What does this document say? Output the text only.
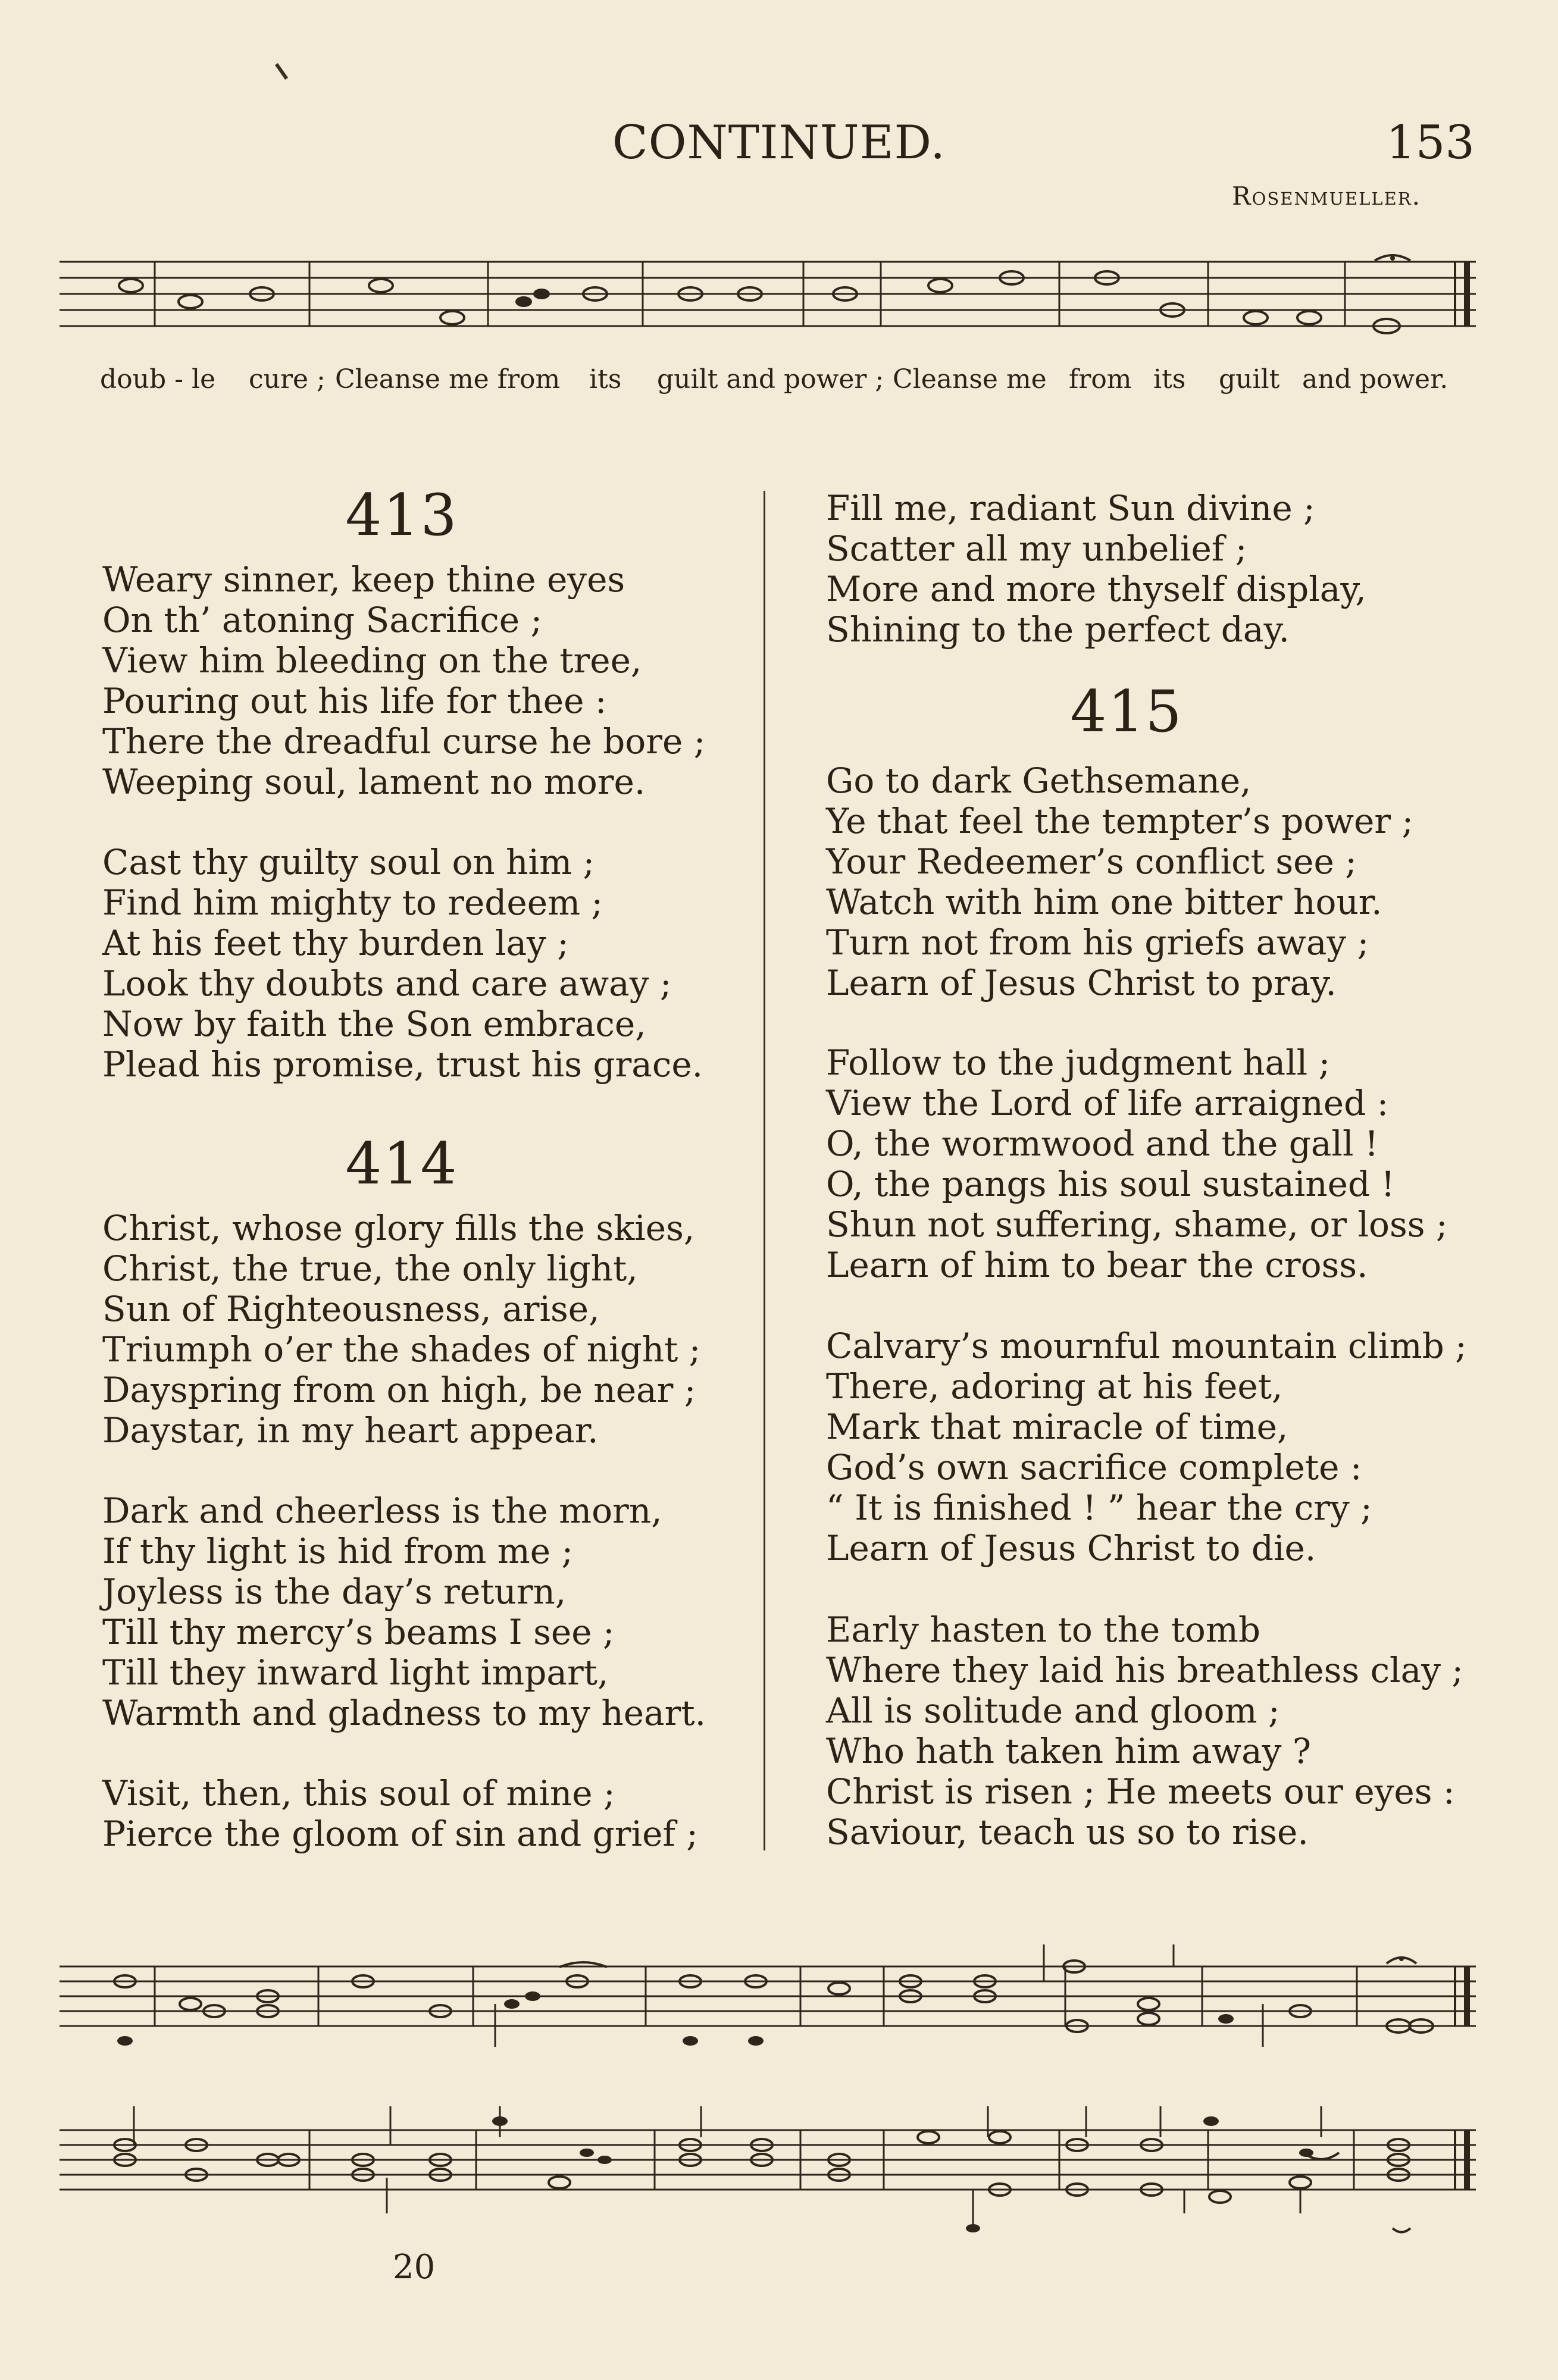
CONTINUED.	153
Rosenmueller.
doub - le cure ; Cleanse me from its guilt and power ; Cleanse me from its guilt and power.
413
Weary sinner, keep thine eyes
On th’ atoning Sacrifice ;
View him bleeding on the tree,
Pouring out his life for thee :
There the dreadful curse he bore ;
Weeping soul, lament no more.
Cast thy guilty soul on him ;
Find him mighty to redeem ;
At his feet thy burden lay ;
Look thy doubts and care away ;
Now by faith the Son embrace,
Plead his promise, trust his grace.
414
Christ, whose glory fills the skies,
Christ, the true, the only light,
Sun of Righteousness, arise,
Triumph o’er the shades of night ;
Dayspring from on high, be near ;
Daystar, in my heart appear.
Dark and cheerless is the morn,
If thy light is hid from me ;
Joyless is the day’s return,
Till thy mercy’s beams I see ;
Till they inward light impart,
Warmth and gladness to my heart.
Visit, then, this soul of mine ;
Pierce the gloom of sin and grief ;
Fill me, radiant Sun divine ;
Scatter all my unbelief ;
More and more thyself display,
Shining to the perfect day.
415
Go to dark Gethsemane,
Ye that feel the tempter’s power ;
Your Redeemer’s conflict see ;
Watch with him one bitter hour.
Turn not from his griefs away ;
Learn of Jesus Christ to pray.
Follow to the judgment hall ;
View the Lord of life arraigned :
O, the wormwood and the gall !
O, the pangs his soul sustained !
Shun not suffering, shame, or loss ;
Learn of him to bear the cross.
Calvary’s mournful mountain climb ;
There, adoring at his feet,
Mark that miracle of time,
God’s own sacrifice complete :
“ It is finished ! ” hear the cry ;
Learn of Jesus Christ to die.
Early hasten to the tomb
Where they laid his breathless clay ;
All is solitude and gloom ;
Who hath taken him away ?
Christ is risen ; He meets our eyes :
Saviour, teach us so to rise.
20
